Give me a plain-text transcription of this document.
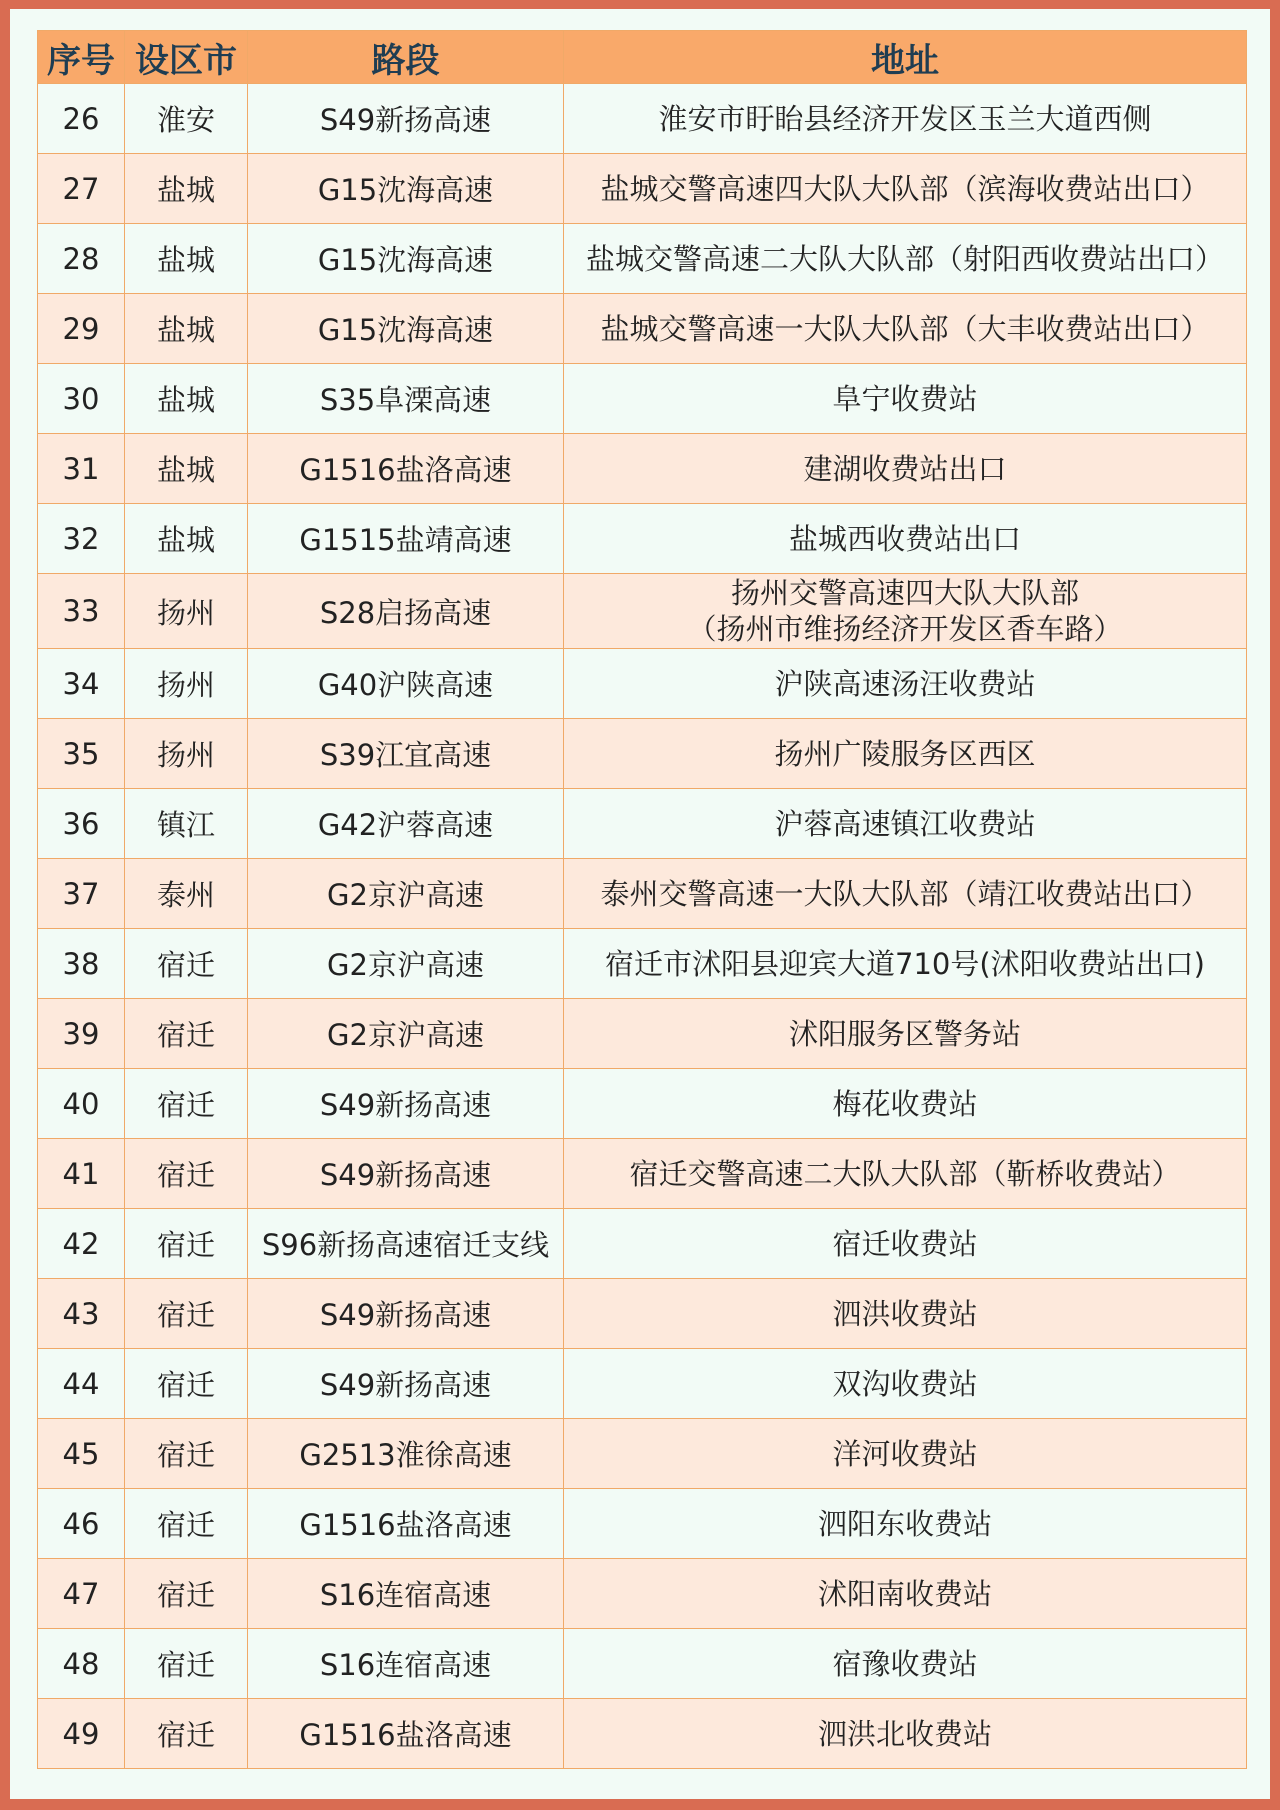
序号	设区市	路段	地址
26	淮安	S49新扬高速	淮安市盱眙县经济开发区玉兰大道西侧
27	盐城	G15沈海高速	盐城交警高速四大队大队部（滨海收费站出口）
28	盐城	G15沈海高速	盐城交警高速二大队大队部（射阳西收费站出口）
29	盐城	G15沈海高速	盐城交警高速一大队大队部（大丰收费站出口）
30	盐城	S35阜溧高速	阜宁收费站
31	盐城	G1516盐洛高速	建湖收费站出口
32	盐城	G1515盐靖高速	盐城西收费站出口
33	扬州	S28启扬高速	扬州交警高速四大队大队部
（扬州市维扬经济开发区香车路）
34	扬州	G40沪陕高速	沪陕高速汤汪收费站
35	扬州	S39江宜高速	扬州广陵服务区西区
36	镇江	G42沪蓉高速	沪蓉高速镇江收费站
37	泰州	G2京沪高速	泰州交警高速一大队大队部（靖江收费站出口）
38	宿迁	G2京沪高速	宿迁市沭阳县迎宾大道710号(沭阳收费站出口)
39	宿迁	G2京沪高速	沭阳服务区警务站
40	宿迁	S49新扬高速	梅花收费站
41	宿迁	S49新扬高速	宿迁交警高速二大队大队部（靳桥收费站）
42	宿迁	S96新扬高速宿迁支线	宿迁收费站
43	宿迁	S49新扬高速	泗洪收费站
44	宿迁	S49新扬高速	双沟收费站
45	宿迁	G2513淮徐高速	洋河收费站
46	宿迁	G1516盐洛高速	泗阳东收费站
47	宿迁	S16连宿高速	沭阳南收费站
48	宿迁	S16连宿高速	宿豫收费站
49	宿迁	G1516盐洛高速	泗洪北收费站
